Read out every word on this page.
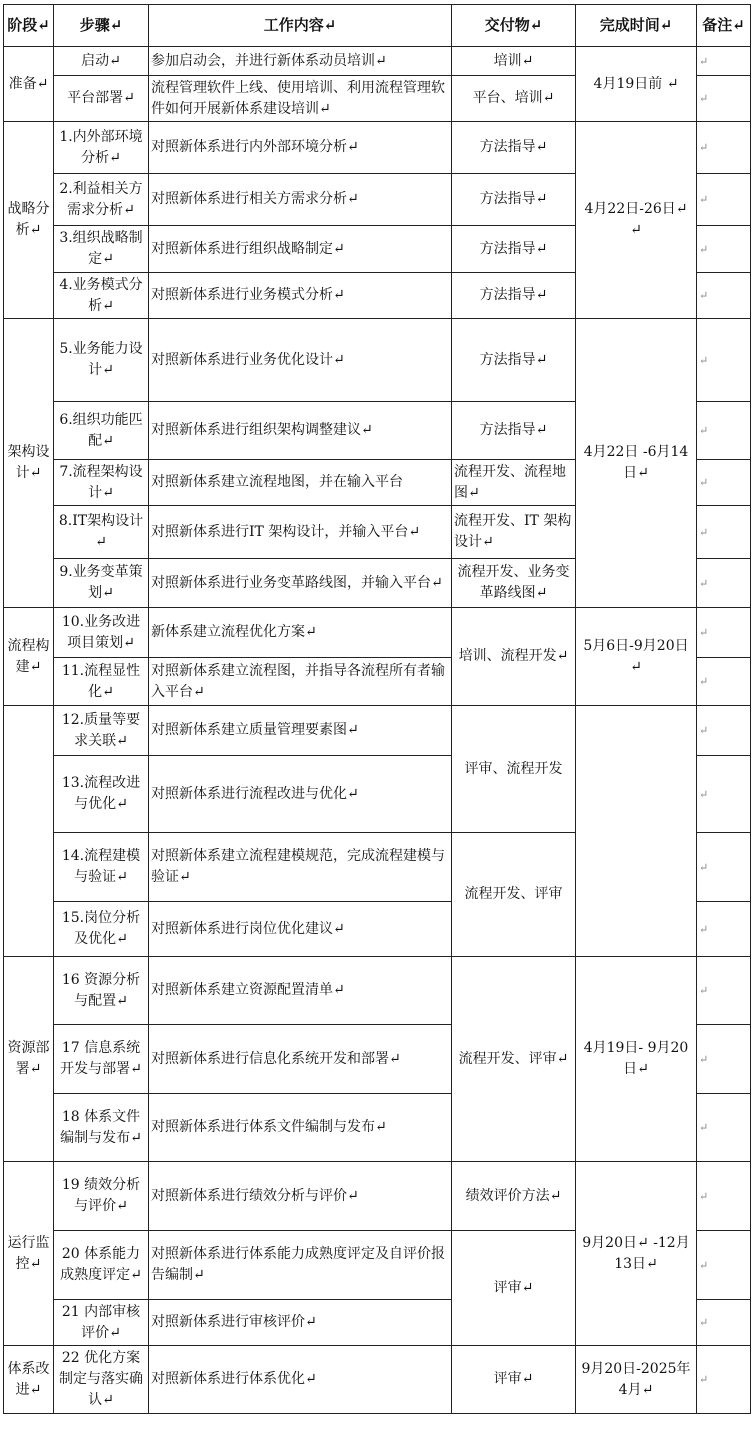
阶段↵	步骤↵	工作内容↵	交付物↵	完成时间↵	备注↵
准备↵	启动↵	参加启动会，并进行新体系动员培训↵	培训↵	4月19日前 ↵	↵
	平台部署↵	流程管理软件上线、使用培训、利用流程管理软件如何开展新体系建设培训↵	平台、培训↵		↵
战略分析↵	1.内外部环境分析↵	对照新体系进行内外部环境分析↵	方法指导↵	4月22日-26日↵ ↵	↵
	2.利益相关方需求分析↵	对照新体系进行相关方需求分析↵	方法指导↵		↵
	3.组织战略制定↵	对照新体系进行组织战略制定↵	方法指导↵		↵
	4.业务模式分析↵	对照新体系进行业务模式分析↵	方法指导↵		↵
架构设计↵	5.业务能力设计↵	对照新体系进行业务优化设计↵	方法指导↵	4月22日 -6月14日↵	↵
	6.组织功能匹配↵	对照新体系进行组织架构调整建议↵	方法指导↵		↵
	7.流程架构设计↵	对照新体系建立流程地图，并在输入平台	流程开发、流程地图↵		↵
	8.IT架构设计↵	对照新体系进行IT 架构设计，并输入平台↵	流程开发、IT 架构设计↵		↵
	9.业务变革策划↵	对照新体系进行业务变革路线图，并输入平台↵	流程开发、业务变革路线图↵		↵
流程构建↵	10.业务改进项目策划↵	新体系建立流程优化方案↵	培训、流程开发↵	5月6日-9月20日↵	↵
	11.流程显性化↵	对照新体系建立流程图，并指导各流程所有者输入平台↵			↵
	12.质量等要求关联↵	对照新体系建立质量管理要素图↵	评审、流程开发		↵
	13.流程改进与优化↵	对照新体系进行流程改进与优化↵			↵
	14.流程建模与验证↵	对照新体系建立流程建模规范，完成流程建模与验证↵	流程开发、评审		↵
	15.岗位分析及优化↵	对照新体系进行岗位优化建议↵			↵
资源部署↵	16 资源分析与配置↵	对照新体系建立资源配置清单↵	流程开发、评审↵	4月19日- 9月20日↵	↵
	17 信息系统开发与部署↵	对照新体系进行信息化系统开发和部署↵			↵
	18 体系文件编制与发布↵	对照新体系进行体系文件编制与发布↵			↵
运行监控↵	19 绩效分析与评价↵	对照新体系进行绩效分析与评价↵	绩效评价方法↵	9月20日↵ -12月13日↵	↵
	20 体系能力成熟度评定↵	对照新体系进行体系能力成熟度评定及自评价报告编制↵	评审↵		↵
	21 内部审核评价↵	对照新体系进行审核评价↵			↵
体系改进↵	22 优化方案制定与落实确认↵	对照新体系进行体系优化↵	评审↵	9月20日-2025年4月↵	↵
